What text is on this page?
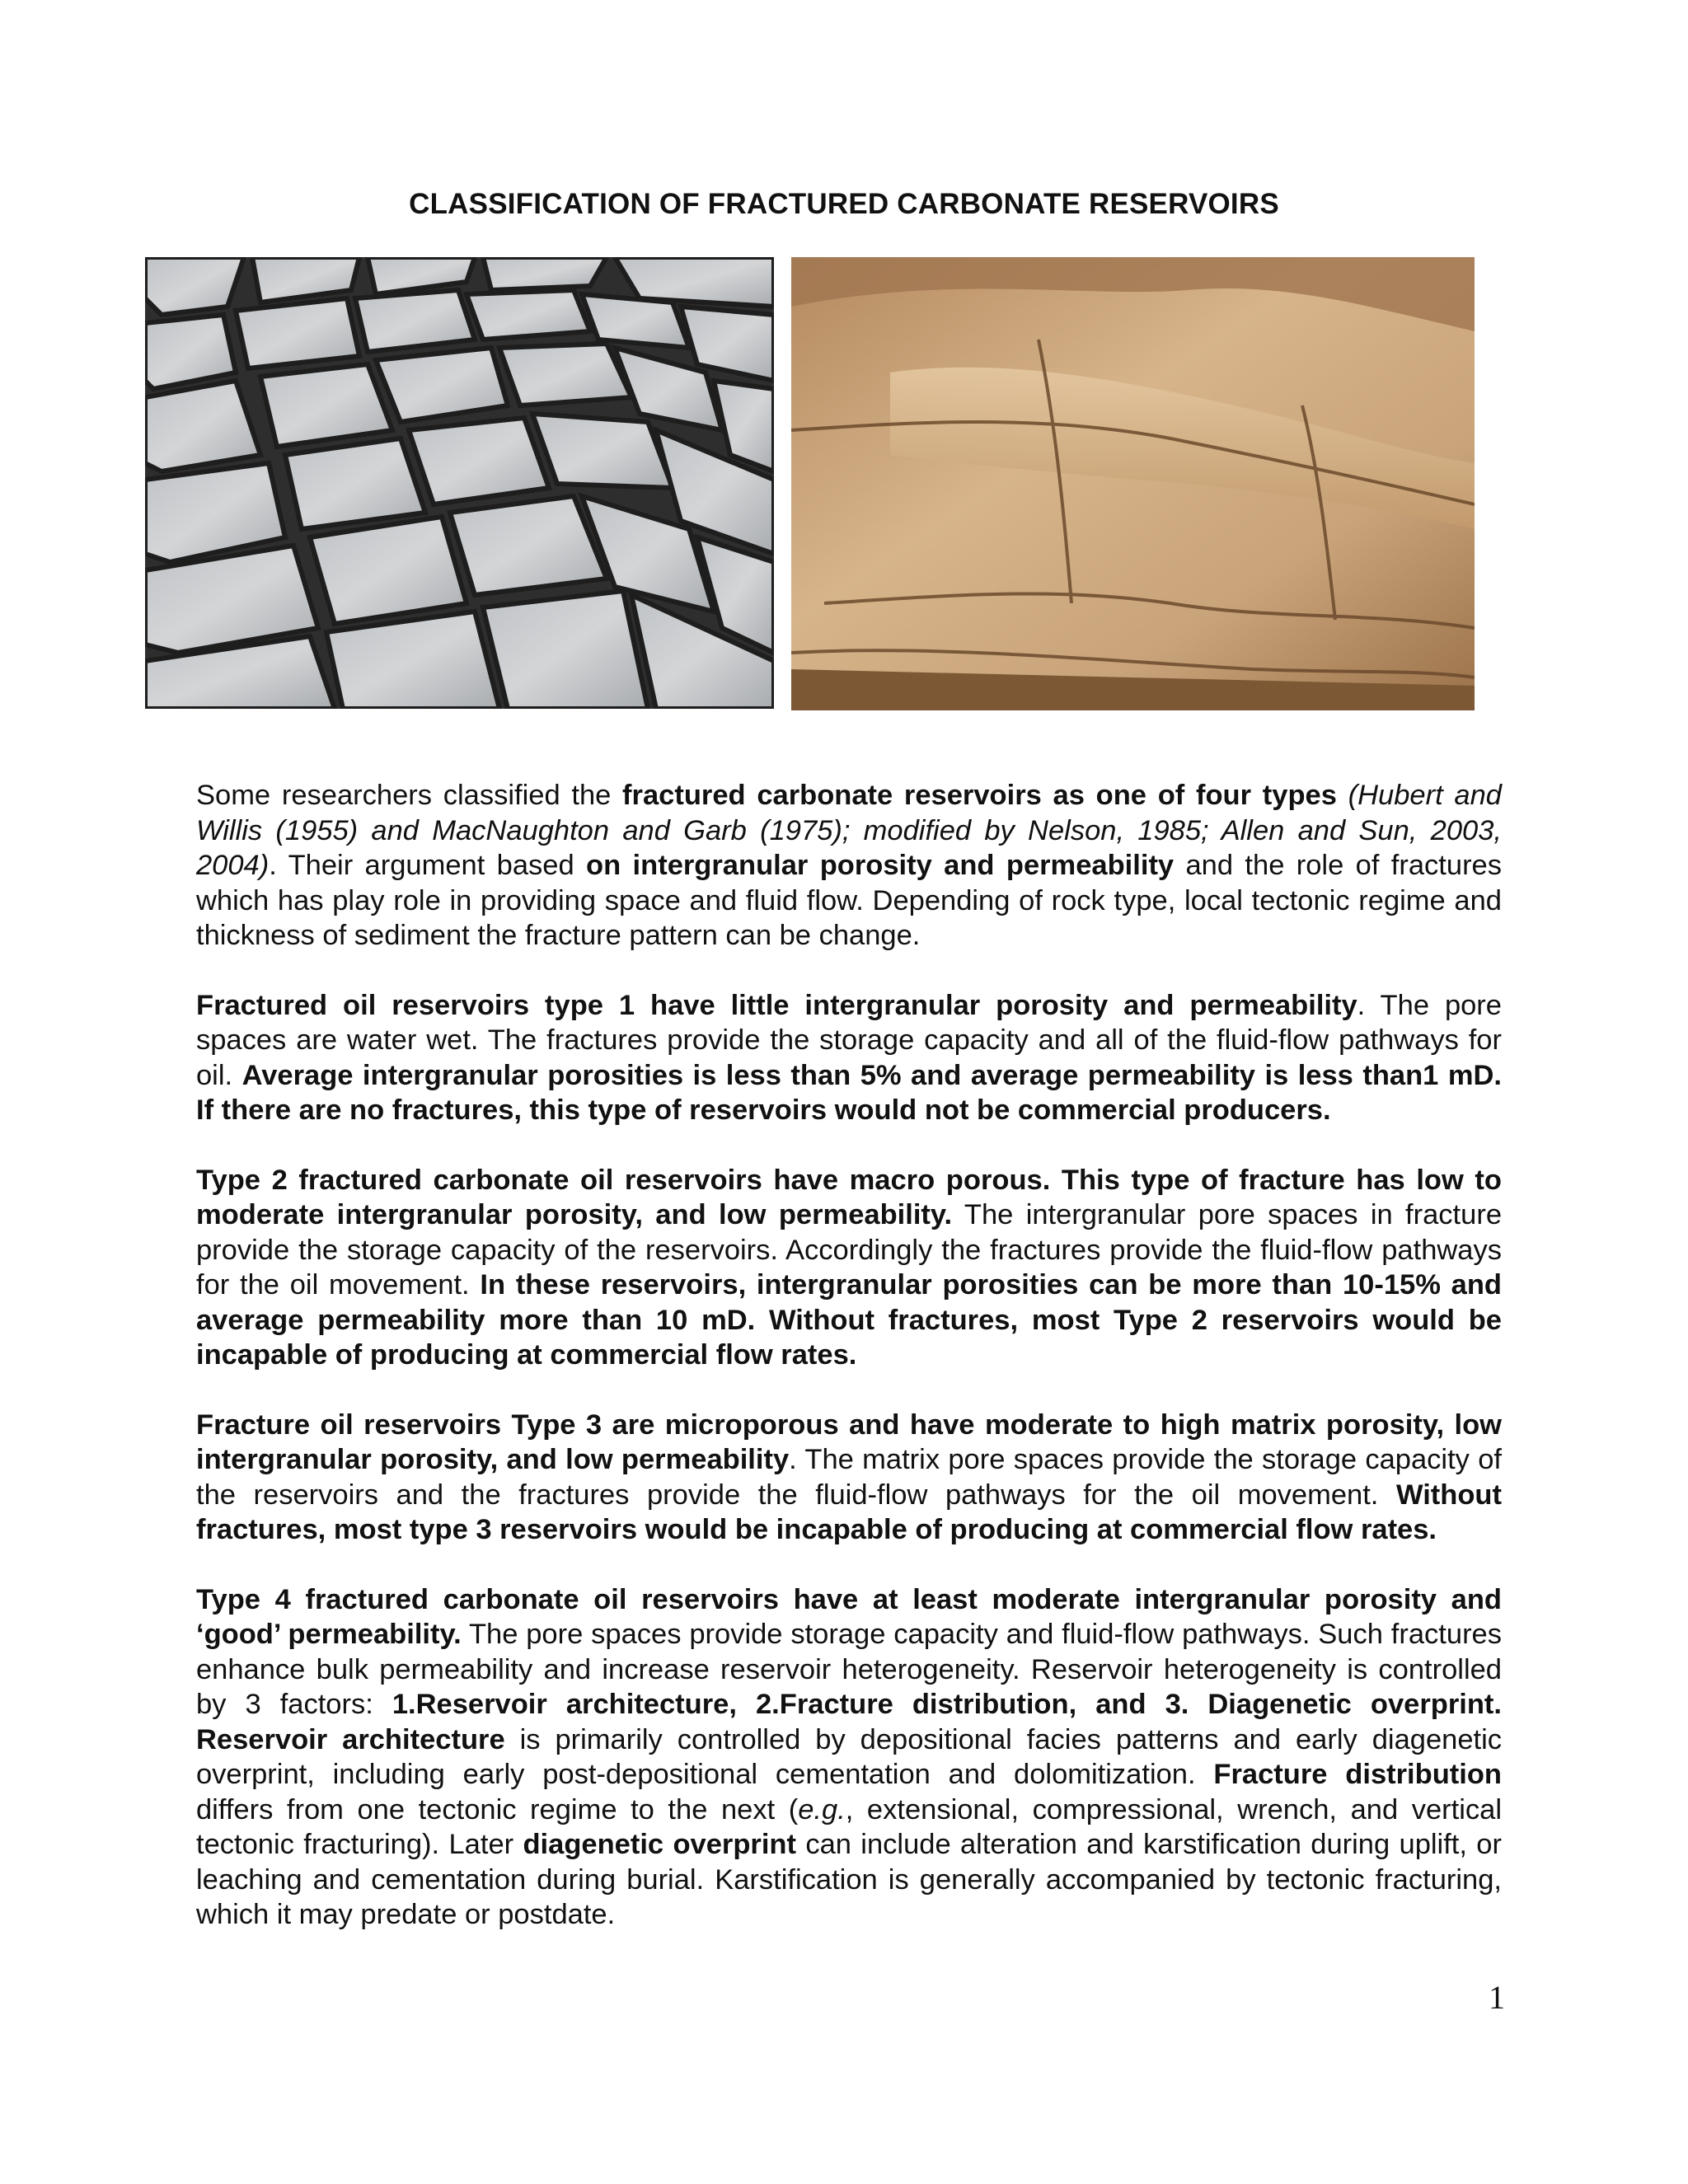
CLASSIFICATION OF FRACTURED CARBONATE RESERVOIRS

Some researchers classified the fractured carbonate reservoirs as one of four types (Hubert and Willis (1955) and MacNaughton and Garb (1975); modified by Nelson, 1985; Allen and Sun, 2003, 2004). Their argument based on intergranular porosity and permeability and the role of fractures which has play role in providing space and fluid flow. Depending of rock type, local tectonic regime and thickness of sediment the fracture pattern can be change.

Fractured oil reservoirs type 1 have little intergranular porosity and permeability. The pore spaces are water wet. The fractures provide the storage capacity and all of the fluid-flow pathways for oil. Average intergranular porosities is less than 5% and average permeability is less than1 mD. If there are no fractures, this type of reservoirs would not be commercial producers.

Type 2 fractured carbonate oil reservoirs have macro porous. This type of fracture has low to moderate intergranular porosity, and low permeability. The intergranular pore spaces in fracture provide the storage capacity of the reservoirs. Accordingly the fractures provide the fluid-flow pathways for the oil movement. In these reservoirs, intergranular porosities can be more than 10-15% and average permeability more than 10 mD. Without fractures, most Type 2 reservoirs would be incapable of producing at commercial flow rates.

Fracture oil reservoirs Type 3 are microporous and have moderate to high matrix porosity, low intergranular porosity, and low permeability. The matrix pore spaces provide the storage capacity of the reservoirs and the fractures provide the fluid-flow pathways for the oil movement. Without fractures, most type 3 reservoirs would be incapable of producing at commercial flow rates.

Type 4 fractured carbonate oil reservoirs have at least moderate intergranular porosity and ‘good’ permeability. The pore spaces provide storage capacity and fluid-flow pathways. Such fractures enhance bulk permeability and increase reservoir heterogeneity. Reservoir heterogeneity is controlled by 3 factors: 1.Reservoir architecture, 2.Fracture distribution, and 3. Diagenetic overprint. Reservoir architecture is primarily controlled by depositional facies patterns and early diagenetic overprint, including early post-depositional cementation and dolomitization. Fracture distribution differs from one tectonic regime to the next (e.g., extensional, compressional, wrench, and vertical tectonic fracturing). Later diagenetic overprint can include alteration and karstification during uplift, or leaching and cementation during burial. Karstification is generally accompanied by tectonic fracturing, which it may predate or postdate.

1
